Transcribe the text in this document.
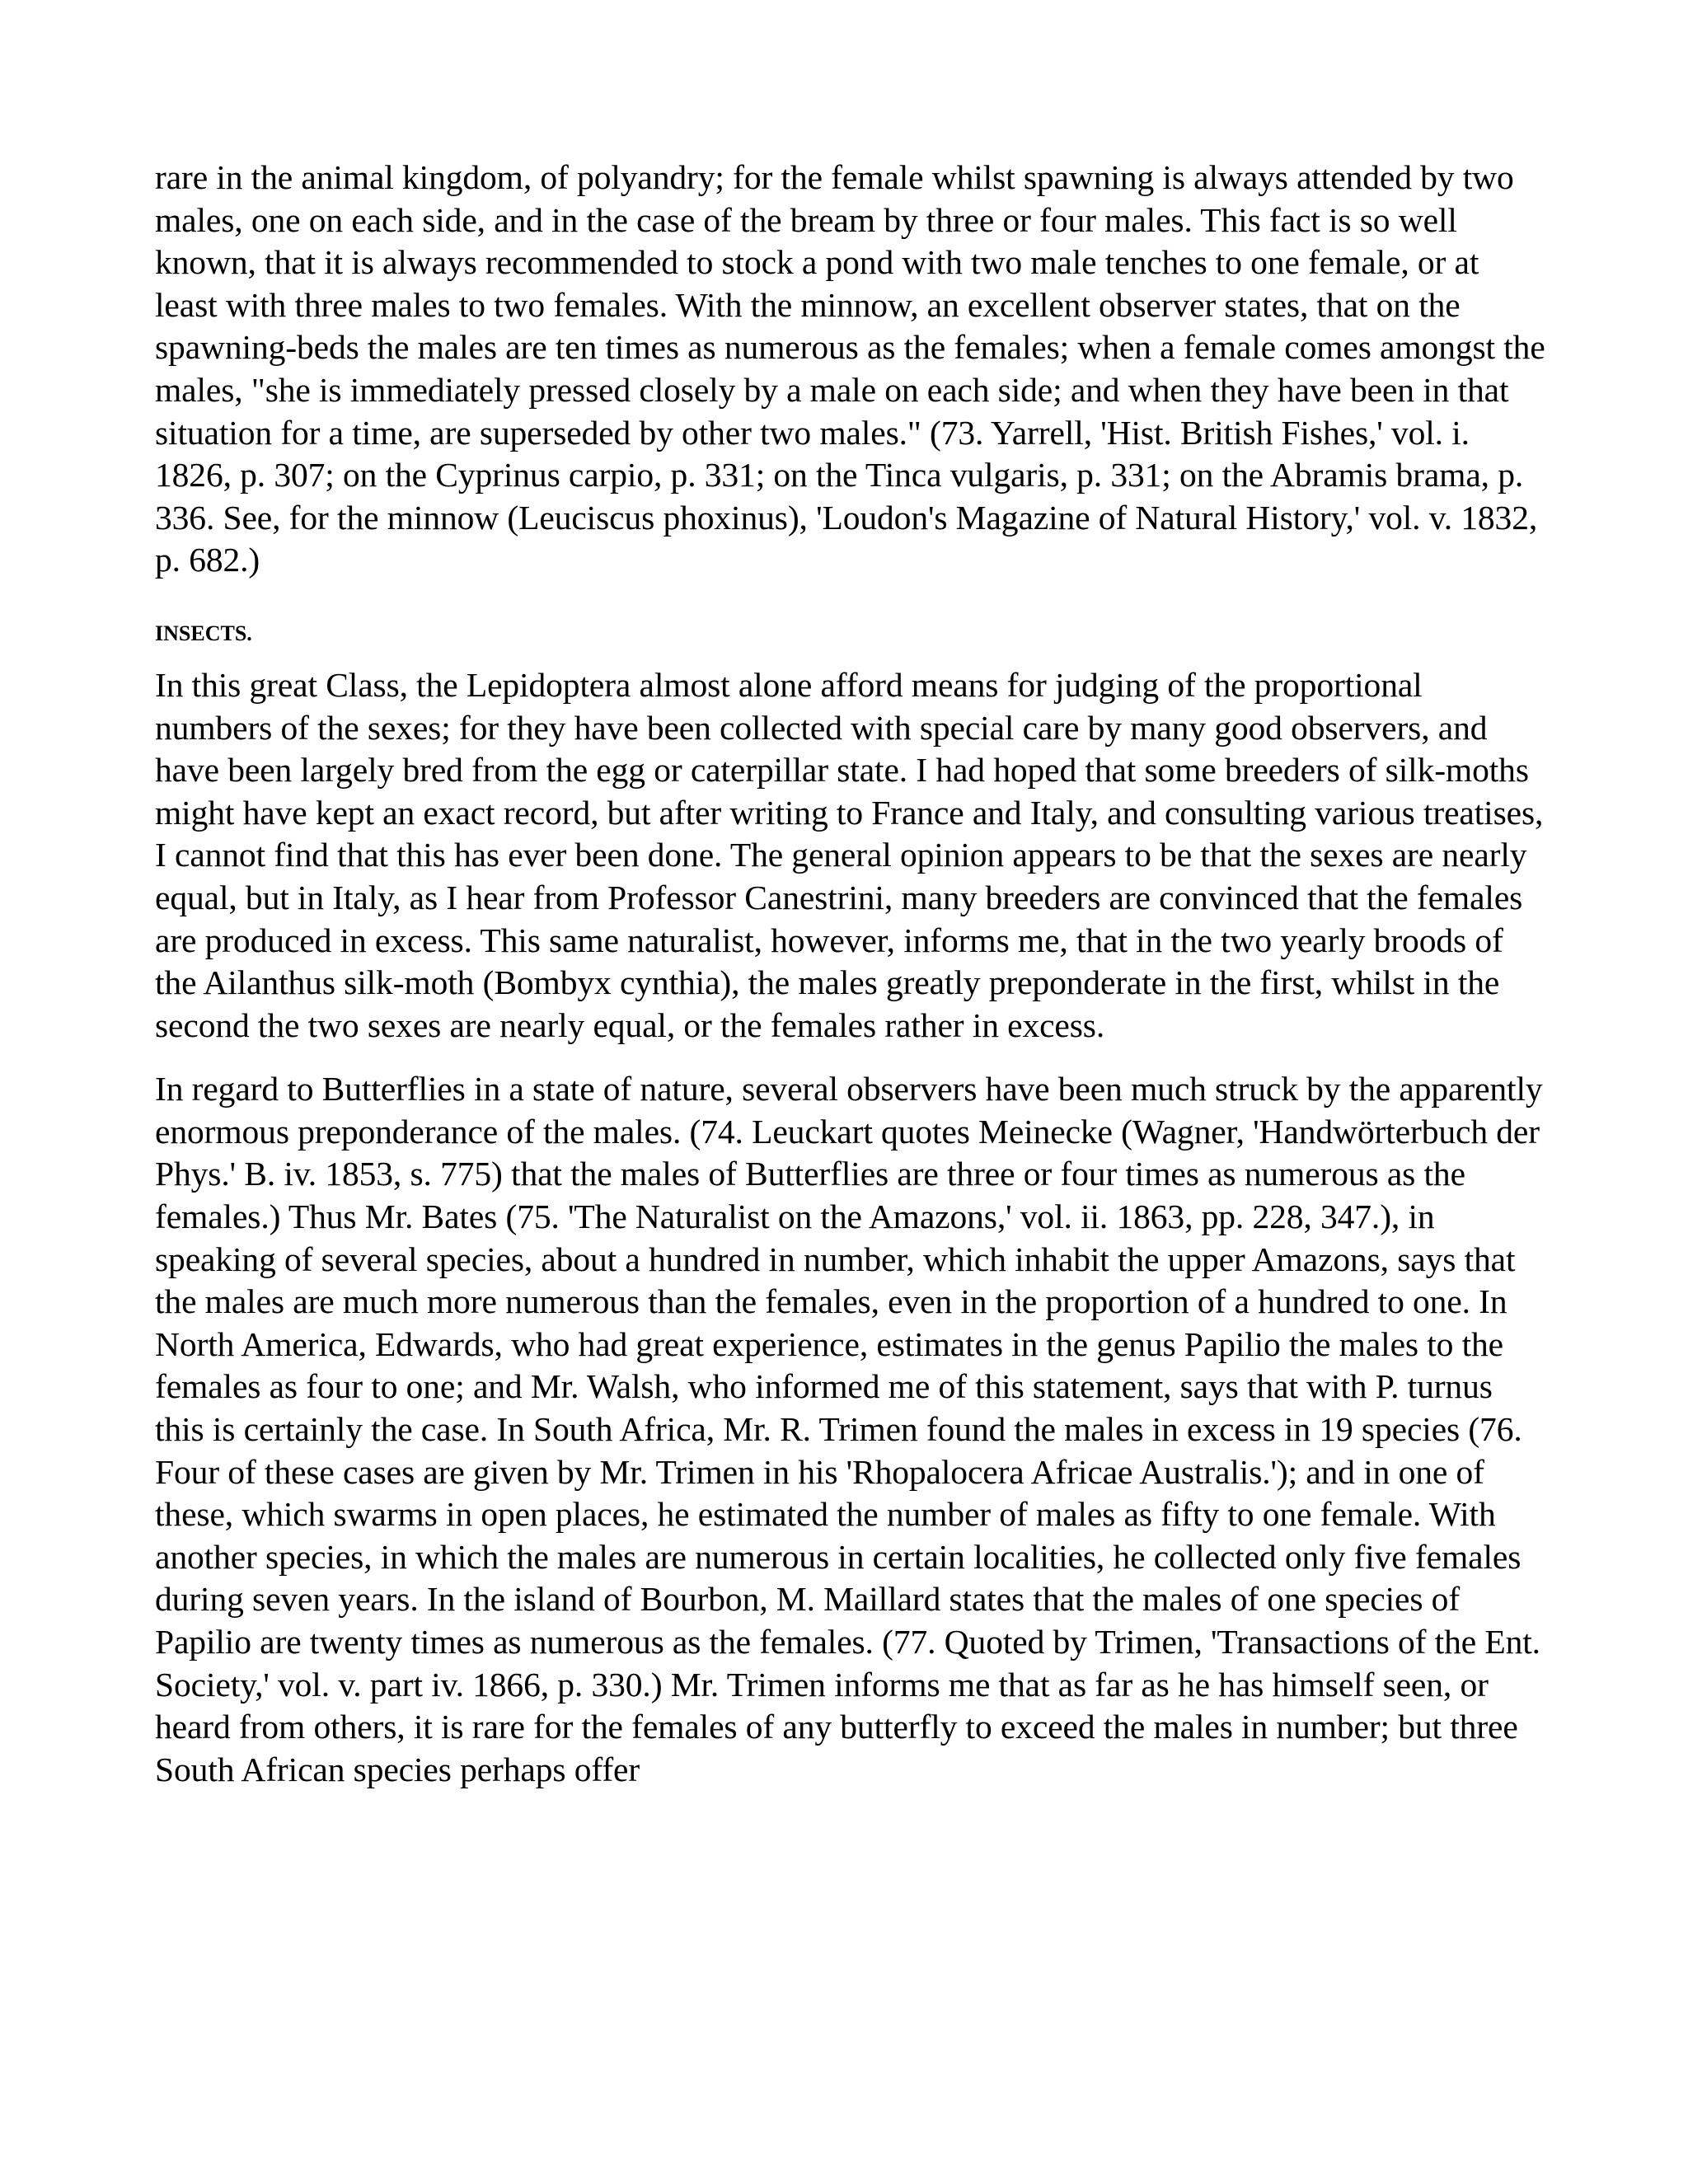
rare in the animal kingdom, of polyandry; for the female whilst spawning is always attended by two males, one on each side, and in the case of the bream by three or four males. This fact is so well known, that it is always recommended to stock a pond with two male tenches to one female, or at least with three males to two females. With the minnow, an excellent observer states, that on the spawning-beds the males are ten times as numerous as the females; when a female comes amongst the males, "she is immediately pressed closely by a male on each side; and when they have been in that situation for a time, are superseded by other two males." (73. Yarrell, 'Hist. British Fishes,' vol. i. 1826, p. 307; on the Cyprinus carpio, p. 331; on the Tinca vulgaris, p. 331; on the Abramis brama, p. 336. See, for the minnow (Leuciscus phoxinus), 'Loudon's Magazine of Natural History,' vol. v. 1832, p. 682.)

INSECTS.

In this great Class, the Lepidoptera almost alone afford means for judging of the proportional numbers of the sexes; for they have been collected with special care by many good observers, and have been largely bred from the egg or caterpillar state. I had hoped that some breeders of silk-moths might have kept an exact record, but after writing to France and Italy, and consulting various treatises, I cannot find that this has ever been done. The general opinion appears to be that the sexes are nearly equal, but in Italy, as I hear from Professor Canestrini, many breeders are convinced that the females are produced in excess. This same naturalist, however, informs me, that in the two yearly broods of the Ailanthus silk-moth (Bombyx cynthia), the males greatly preponderate in the first, whilst in the second the two sexes are nearly equal, or the females rather in excess.

In regard to Butterflies in a state of nature, several observers have been much struck by the apparently enormous preponderance of the males. (74. Leuckart quotes Meinecke (Wagner, 'Handwörterbuch der Phys.' B. iv. 1853, s. 775) that the males of Butterflies are three or four times as numerous as the females.) Thus Mr. Bates (75. 'The Naturalist on the Amazons,' vol. ii. 1863, pp. 228, 347.), in speaking of several species, about a hundred in number, which inhabit the upper Amazons, says that the males are much more numerous than the females, even in the proportion of a hundred to one. In North America, Edwards, who had great experience, estimates in the genus Papilio the males to the females as four to one; and Mr. Walsh, who informed me of this statement, says that with P. turnus this is certainly the case. In South Africa, Mr. R. Trimen found the males in excess in 19 species (76. Four of these cases are given by Mr. Trimen in his 'Rhopalocera Africae Australis.'); and in one of these, which swarms in open places, he estimated the number of males as fifty to one female. With another species, in which the males are numerous in certain localities, he collected only five females during seven years. In the island of Bourbon, M. Maillard states that the males of one species of Papilio are twenty times as numerous as the females. (77. Quoted by Trimen, 'Transactions of the Ent. Society,' vol. v. part iv. 1866, p. 330.) Mr. Trimen informs me that as far as he has himself seen, or heard from others, it is rare for the females of any butterfly to exceed the males in number; but three South African species perhaps offer
